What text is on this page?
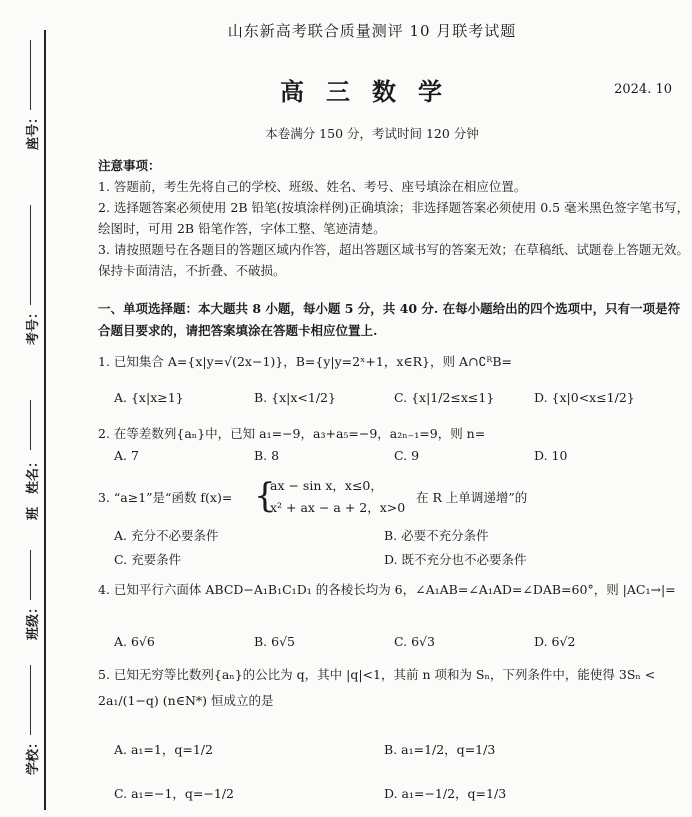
座号：
考号：
班　姓名：
班级：
学校：
山东新高考联合质量测评 10 月联考试题
高三数学	2024. 10
本卷满分 150 分，考试时间 120 分钟
注意事项：

1. 答题前，考生先将自己的学校、班级、姓名、考号、座号填涂在相应位置。

2. 选择题答案必须使用 2B 铅笔(按填涂样例)正确填涂；非选择题答案必须使用 0.5 毫米黑色签字笔书写，绘图时，可用 2B 铅笔作答，字体工整、笔迹清楚。

3. 请按照题号在各题目的答题区域内作答，超出答题区域书写的答案无效；在草稿纸、试题卷上答题无效。保持卡面清洁，不折叠、不破损。

一、单项选择题：本大题共 8 小题，每小题 5 分，共 40 分. 在每小题给出的四个选项中，只有一项是符合题目要求的，请把答案填涂在答题卡相应位置上.
1. 已知集合 A={x|y=√(2x−1)}，B={y|y=2ˣ+1，x∈R}，则 A∩∁ᴿB=
A. {x|x≥1}	B. {x|x<1/2}	C. {x|1/2≤x≤1}	D. {x|0<x≤1/2}
2. 在等差数列{aₙ}中，已知 a₁=−9，a₃+a₅=−9，a₂ₙ₋₁=9，则 n=
A. 7	B. 8	C. 9	D. 10
3. “a≥1”是“函数 f(x)= {
ax − sin x，x≤0，
x² + ax − a + 2，x>0
在 R 上单调递增”的
A. 充分不必要条件	B. 必要不充分条件
C. 充要条件	D. 既不充分也不必要条件
4. 已知平行六面体 ABCD−A₁B₁C₁D₁ 的各棱长均为 6，∠A₁AB=∠A₁AD=∠DAB=60°，则 |AC₁→|=
A. 6√6	B. 6√5	C. 6√3	D. 6√2
5. 已知无穷等比数列{aₙ}的公比为 q，其中 |q|<1，其前 n 项和为 Sₙ，下列条件中，能使得 3Sₙ < 2a₁/(1−q) (n∈N*) 恒成立的是
A. a₁=1，q=1/2	B. a₁=1/2，q=1/3
C. a₁=−1，q=−1/2	D. a₁=−1/2，q=1/3
